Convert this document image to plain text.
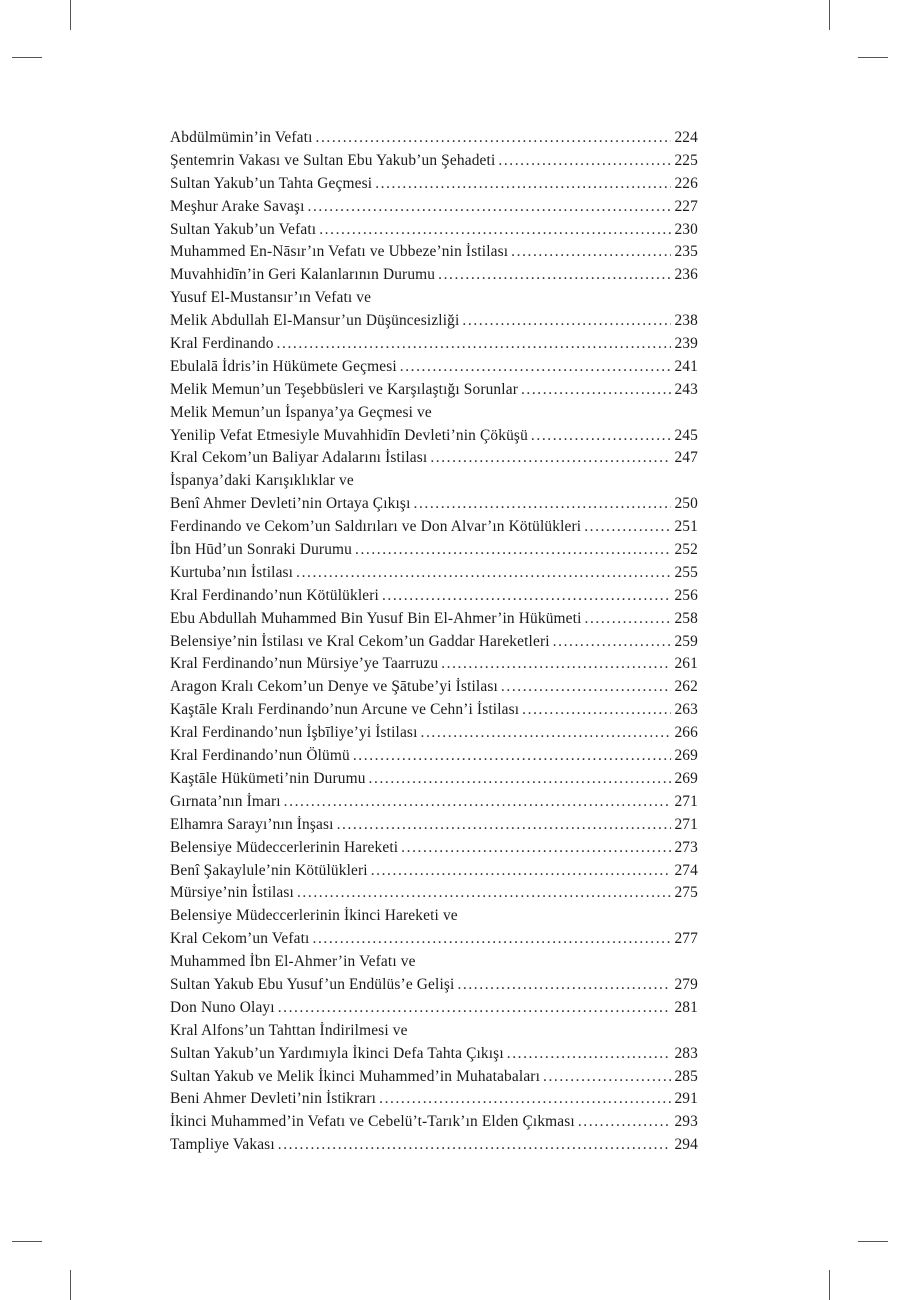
Abdülmümin’in Vefatı .....	224
Şentemrin Vakası ve Sultan Ebu Yakub’un Şehadeti .....	225
Sultan Yakub’un Tahta Geçmesi .....	226
Meşhur Arake Savaşı .....	227
Sultan Yakub’un Vefatı .....	230
Muhammed En-Nāsır’ın Vefatı ve Ubbeze’nin İstilası .....	235
Muvahhidīn’in Geri Kalanlarının Durumu .....	236
Yusuf El-Mustansır’ın Vefatı ve
Melik Abdullah El-Mansur’un Düşüncesizliği .....	238
Kral Ferdinando .....	239
Ebulalā İdris’in Hükümete Geçmesi .....	241
Melik Memun’un Teşebbüsleri ve Karşılaştığı Sorunlar .....	243
Melik Memun’un İspanya’ya Geçmesi ve
Yenilip Vefat Etmesiyle Muvahhidīn Devleti’nin Çöküşü .....	245
Kral Cekom’un Baliyar Adalarını İstilası .....	247
İspanya’daki Karışıklıklar ve
Benî Ahmer Devleti’nin Ortaya Çıkışı .....	250
Ferdinando ve Cekom’un Saldırıları ve Don Alvar’ın Kötülükleri .....	251
İbn Hūd’un Sonraki Durumu .....	252
Kurtuba’nın İstilası .....	255
Kral Ferdinando’nun Kötülükleri .....	256
Ebu Abdullah Muhammed Bin Yusuf Bin El-Ahmer’in Hükümeti .....	258
Belensiye’nin İstilası ve Kral Cekom’un Gaddar Hareketleri .....	259
Kral Ferdinando’nun Mürsiye’ye Taarruzu .....	261
Aragon Kralı Cekom’un Denye ve Şātube’yi İstilası .....	262
Kaştāle Kralı Ferdinando’nun Arcune ve Cehn’i İstilası .....	263
Kral Ferdinando’nun İşbīliye’yi İstilası .....	266
Kral Ferdinando’nun Ölümü .....	269
Kaştāle Hükümeti’nin Durumu .....	269
Gırnata’nın İmarı .....	271
Elhamra Sarayı’nın İnşası .....	271
Belensiye Müdeccerlerinin Hareketi .....	273
Benî Şakaylule’nin Kötülükleri .....	274
Mürsiye’nin İstilası .....	275
Belensiye Müdeccerlerinin İkinci Hareketi ve
Kral Cekom’un Vefatı .....	277
Muhammed İbn El-Ahmer’in Vefatı ve
Sultan Yakub Ebu Yusuf’un Endülüs’e Gelişi .....	279
Don Nuno Olayı .....	281
Kral Alfons’un Tahttan İndirilmesi ve
Sultan Yakub’un Yardımıyla İkinci Defa Tahta Çıkışı .....	283
Sultan Yakub ve Melik İkinci Muhammed’in Muhatabaları .....	285
Beni Ahmer Devleti’nin İstikrarı .....	291
İkinci Muhammed’in Vefatı ve Cebelü’t-Tarık’ın Elden Çıkması .....	293
Tampliye Vakası .....	294
